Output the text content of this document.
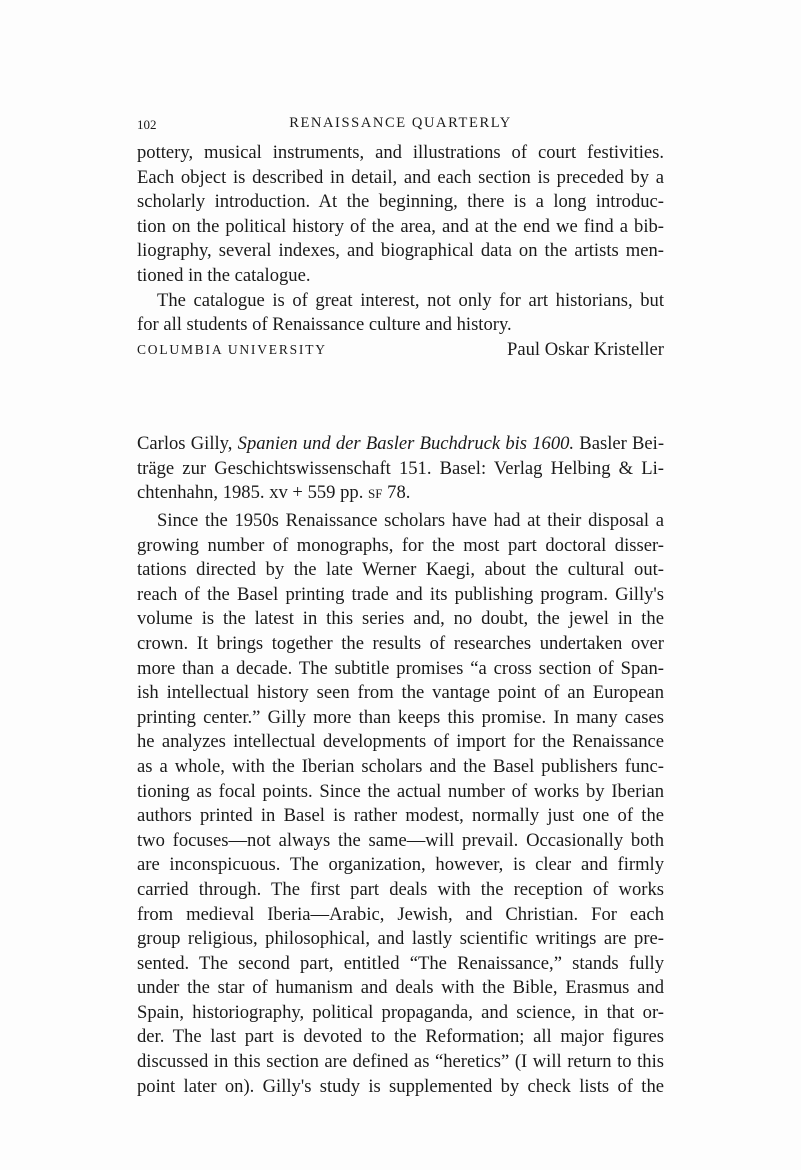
102	RENAISSANCE QUARTERLY
pottery, musical instruments, and illustrations of court festivities.
Each object is described in detail, and each section is preceded by a
scholarly introduction. At the beginning, there is a long introduc-
tion on the political history of the area, and at the end we find a bib-
liography, several indexes, and biographical data on the artists men-
tioned in the catalogue.
The catalogue is of great interest, not only for art historians, but
for all students of Renaissance culture and history.
COLUMBIA UNIVERSITY	Paul Oskar Kristeller
Carlos Gilly, Spanien und der Basler Buchdruck bis 1600. Basler Bei-
träge zur Geschichtswissenschaft 151. Basel: Verlag Helbing & Li-
chtenhahn, 1985. xv + 559 pp. SF 78.
Since the 1950s Renaissance scholars have had at their disposal a
growing number of monographs, for the most part doctoral disser-
tations directed by the late Werner Kaegi, about the cultural out-
reach of the Basel printing trade and its publishing program. Gilly's
volume is the latest in this series and, no doubt, the jewel in the
crown. It brings together the results of researches undertaken over
more than a decade. The subtitle promises “a cross section of Span-
ish intellectual history seen from the vantage point of an European
printing center.” Gilly more than keeps this promise. In many cases
he analyzes intellectual developments of import for the Renaissance
as a whole, with the Iberian scholars and the Basel publishers func-
tioning as focal points. Since the actual number of works by Iberian
authors printed in Basel is rather modest, normally just one of the
two focuses—not always the same—will prevail. Occasionally both
are inconspicuous. The organization, however, is clear and firmly
carried through. The first part deals with the reception of works
from medieval Iberia—Arabic, Jewish, and Christian. For each
group religious, philosophical, and lastly scientific writings are pre-
sented. The second part, entitled “The Renaissance,” stands fully
under the star of humanism and deals with the Bible, Erasmus and
Spain, historiography, political propaganda, and science, in that or-
der. The last part is devoted to the Reformation; all major figures
discussed in this section are defined as “heretics” (I will return to this
point later on). Gilly's study is supplemented by check lists of the
